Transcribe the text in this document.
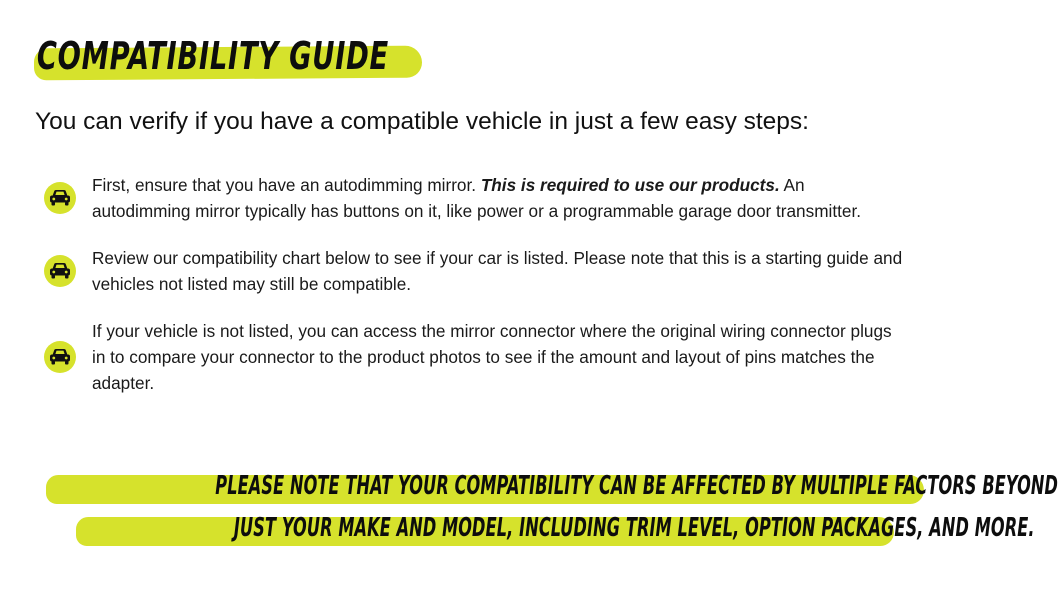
COMPATIBILITY GUIDE

You can verify if you have a compatible vehicle in just a few easy steps:

First, ensure that you have an autodimming mirror. This is required to use our products. An autodimming mirror typically has buttons on it, like power or a programmable garage door transmitter.
Review our compatibility chart below to see if your car is listed. Please note that this is a starting guide and vehicles not listed may still be compatible.
If your vehicle is not listed, you can access the mirror connector where the original wiring connector plugs in to compare your connector to the product photos to see if the amount and layout of pins matches the adapter.
PLEASE NOTE THAT YOUR COMPATIBILITY CAN BE AFFECTED BY MULTIPLE FACTORS BEYOND
JUST YOUR MAKE AND MODEL, INCLUDING TRIM LEVEL, OPTION PACKAGES, AND MORE.
